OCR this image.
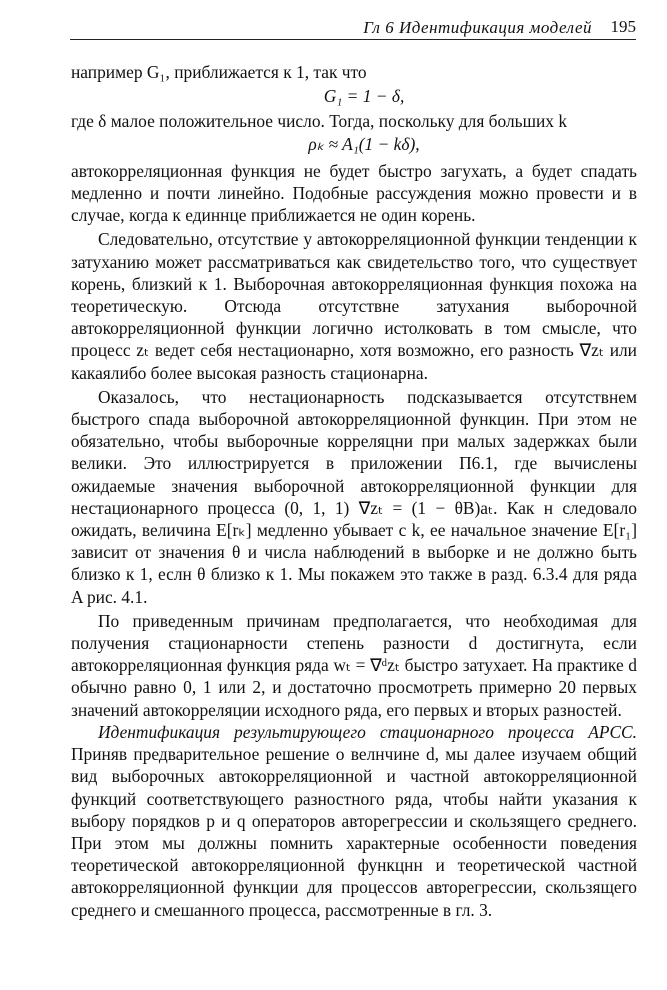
Гл 6 Идентификация моделей 195

например G₁, приближается к 1, так что

G₁ = 1 − δ,

где δ малое положительное число. Тогда, поскольку для больших k

ρₖ ≈ A₁(1 − kδ),

автокорреляционная функция не будет быстро загухать, а будет спадать медленно и почти линейно. Подобные рассуждения можно провести и в случае, когда к единнце приближается не один корень.

Следовательно, отсутствие у автокорреляционной функции тенденции к затуханию может рассматриваться как свидетельство того, что существует корень, близкий к 1. Выборочная автокорреляционная функция похожа на теоретическую. Отсюда отсутствне затухания выборочной автокорреляционной функции логично истолковать в том смысле, что процесс zₜ ведет себя нестационарно, хотя возможно, его разность ∇zₜ или какаялибо более высокая разность стационарна.

Оказалось, что нестационарность подсказывается отсутствнем быстрого спада выборочной автокорреляционной функцин. При этом не обязательно, чтобы выборочные корреляцни при малых задержках были велики. Это иллюстрируется в приложении П6.1, где вычислены ожидаемые значения выборочной автокорреляционной функции для нестационарного процесса (0, 1, 1) ∇zₜ = (1 − θB)aₜ. Как н следовало ожидать, величина E[rₖ] медленно убывает с k, ее начальное значение E[r₁] зависит от значения θ и числа наблюдений в выборке и не должно быть близко к 1, еслн θ близко к 1. Мы покажем это также в разд. 6.3.4 для ряда A рис. 4.1.

По приведенным причинам предполагается, что необходимая для получения стационарности степень разности d достигнута, если автокорреляционная функция ряда wₜ = ∇ᵈzₜ быстро затухает. На практике d обычно равно 0, 1 или 2, и достаточно просмотреть примерно 20 первых значений автокорреляции исходного ряда, его первых и вторых разностей.

Идентификация результирующего стационарного процесса АРСС. Приняв предварительное решение о велнчине d, мы далее изучаем общий вид выборочных автокорреляционной и частной автокорреляционной функций соответствующего разностного ряда, чтобы найти указания к выбору порядков p и q операторов авторегрессии и скользящего среднего. При этом мы должны помнить характерные особенности поведения теоретической автокорреляционной функцнн и теоретической частной автокорреляционной функции для процессов авторегрессии, скользящего среднего и смешанного процесса, рассмотренные в гл. 3.
